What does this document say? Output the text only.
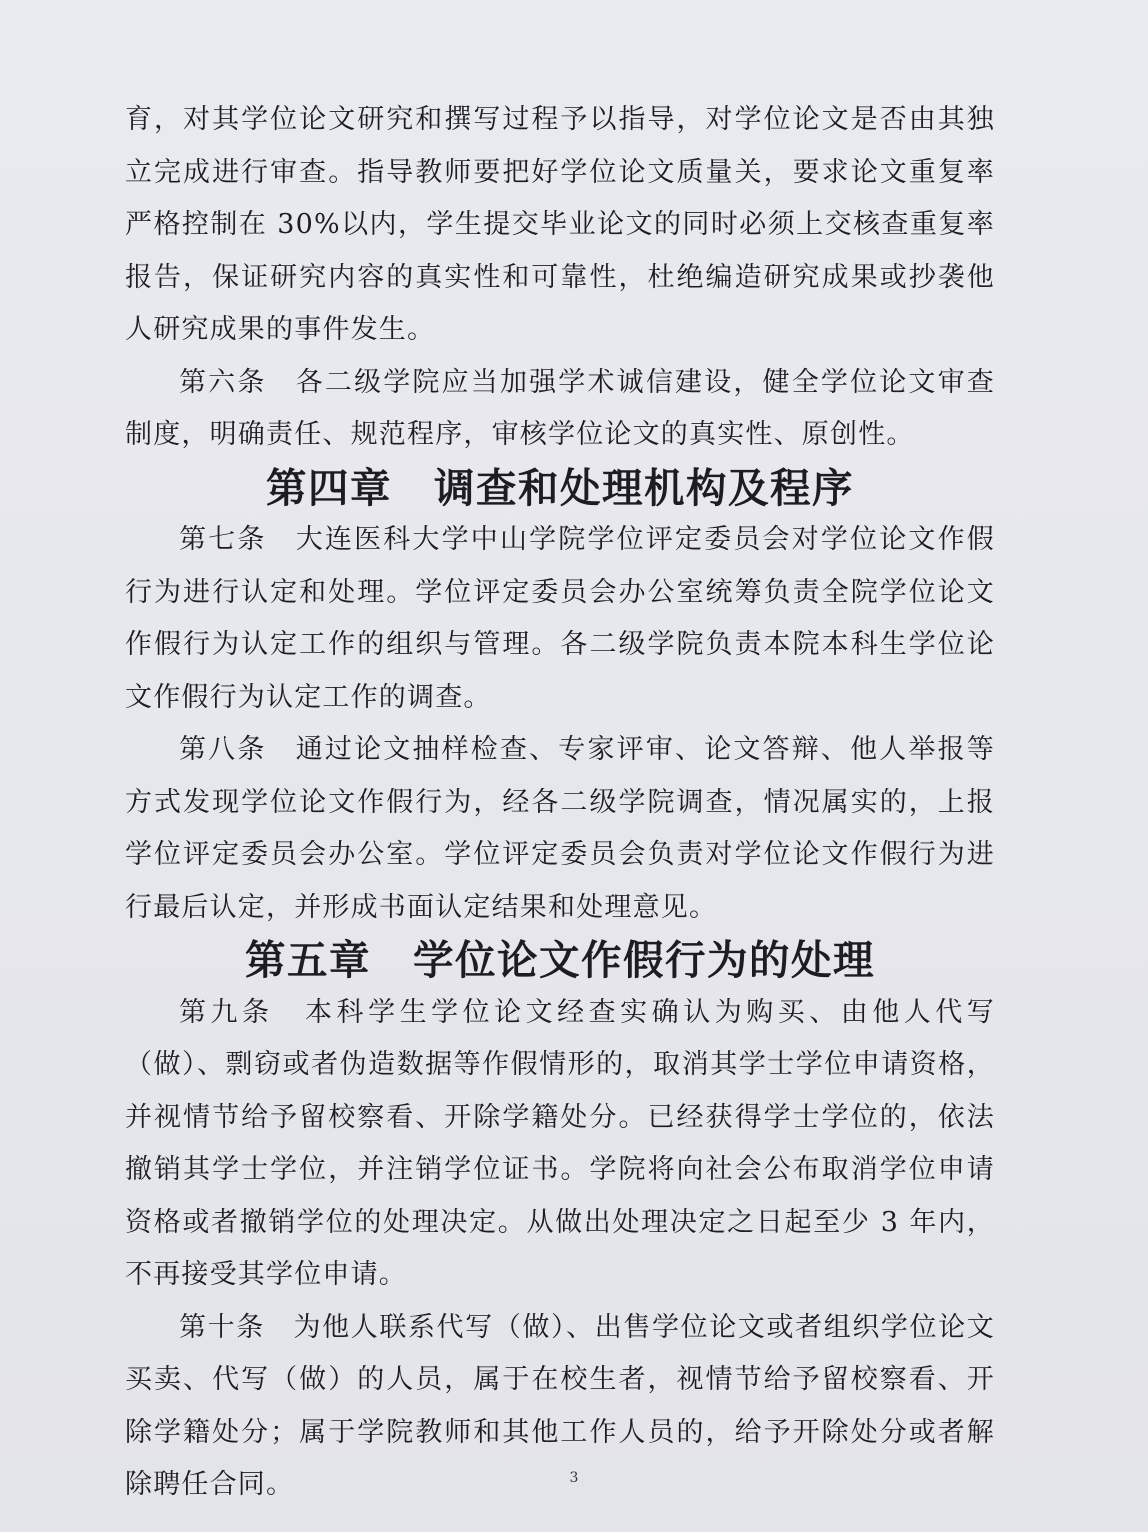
育，对其学位论文研究和撰写过程予以指导，对学位论文是否由其独立完成进行审查。指导教师要把好学位论文质量关，要求论文重复率严格控制在 30%以内，学生提交毕业论文的同时必须上交核查重复率报告，保证研究内容的真实性和可靠性，杜绝编造研究成果或抄袭他人研究成果的事件发生。

第六条　各二级学院应当加强学术诚信建设，健全学位论文审查制度，明确责任、规范程序，审核学位论文的真实性、原创性。

第四章　调查和处理机构及程序

第七条　大连医科大学中山学院学位评定委员会对学位论文作假行为进行认定和处理。学位评定委员会办公室统筹负责全院学位论文作假行为认定工作的组织与管理。各二级学院负责本院本科生学位论文作假行为认定工作的调查。

第八条　通过论文抽样检查、专家评审、论文答辩、他人举报等方式发现学位论文作假行为，经各二级学院调查，情况属实的，上报学位评定委员会办公室。学位评定委员会负责对学位论文作假行为进行最后认定，并形成书面认定结果和处理意见。

第五章　学位论文作假行为的处理

第九条　本科学生学位论文经查实确认为购买、由他人代写（做）、剽窃或者伪造数据等作假情形的，取消其学士学位申请资格，并视情节给予留校察看、开除学籍处分。已经获得学士学位的，依法撤销其学士学位，并注销学位证书。学院将向社会公布取消学位申请资格或者撤销学位的处理决定。从做出处理决定之日起至少 3 年内，不再接受其学位申请。

第十条　为他人联系代写（做）、出售学位论文或者组织学位论文买卖、代写（做）的人员，属于在校生者，视情节给予留校察看、开除学籍处分；属于学院教师和其他工作人员的，给予开除处分或者解除聘任合同。	3
